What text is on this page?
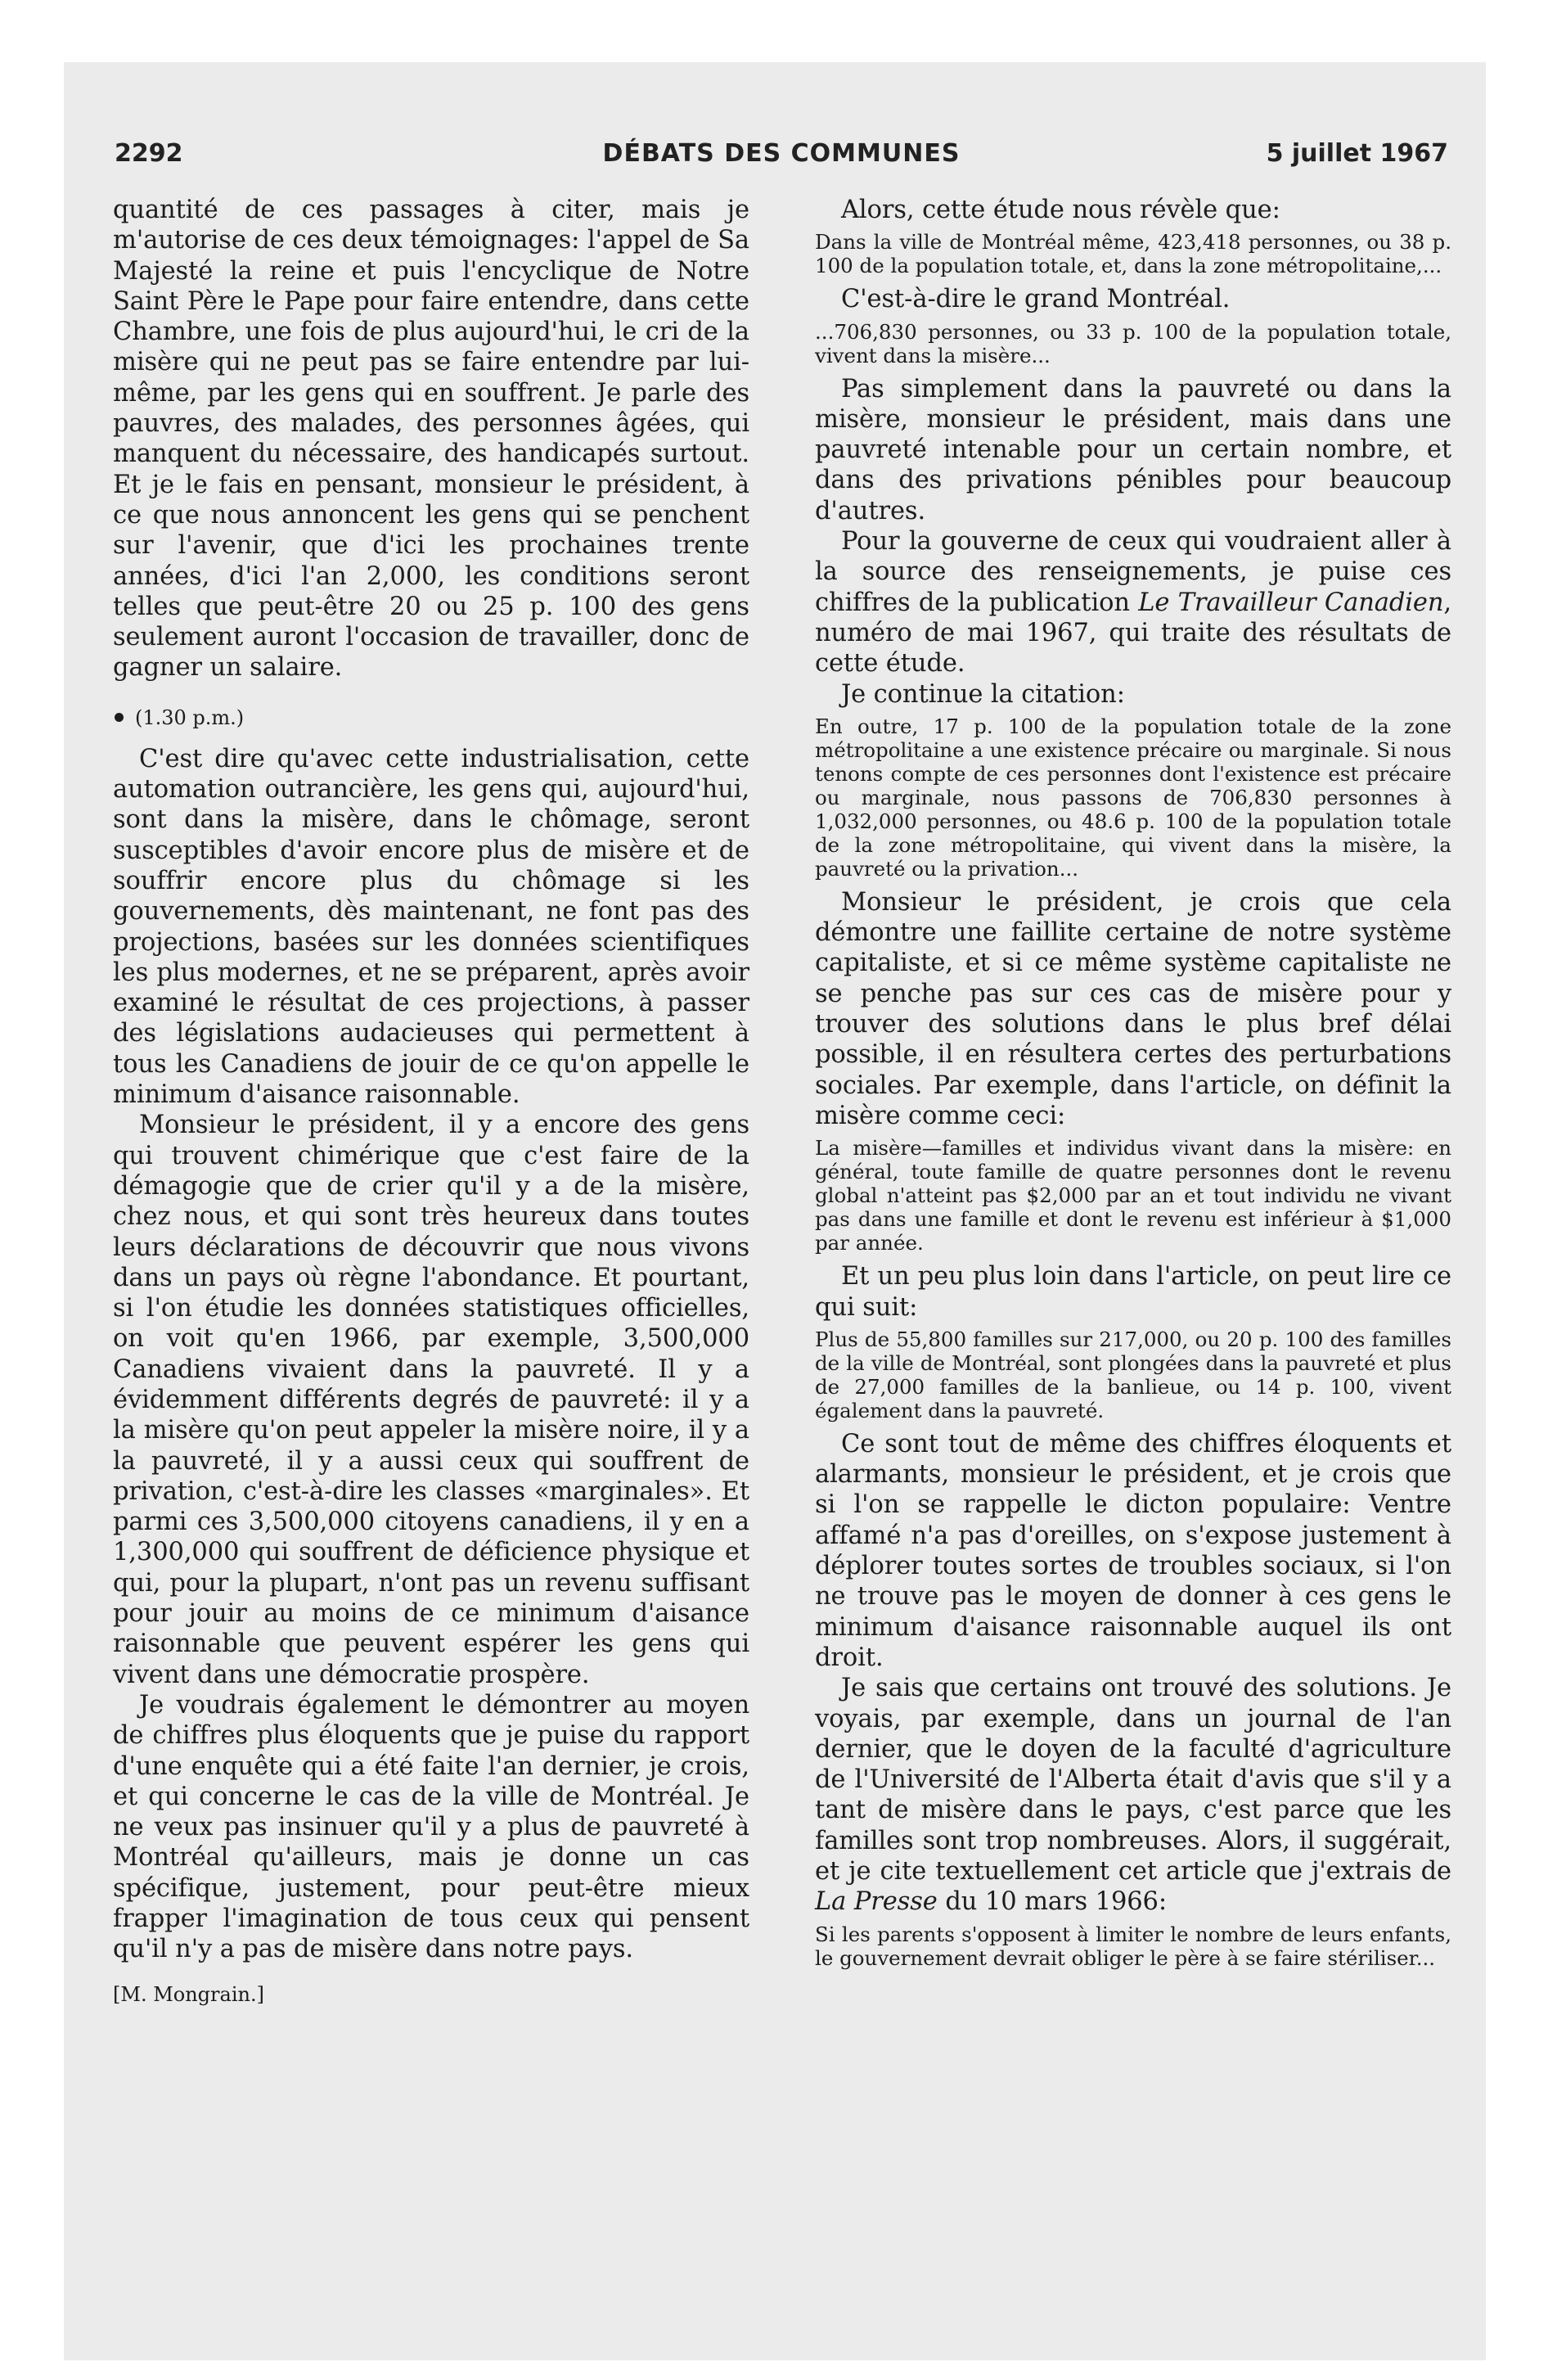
DÉBATS DES COMMUNES
2292	5 juillet 1967

quantité de ces passages à citer, mais je m'autorise de ces deux témoignages: l'appel de Sa Majesté la reine et puis l'encyclique de Notre Saint Père le Pape pour faire entendre, dans cette Chambre, une fois de plus aujourd'hui, le cri de la misère qui ne peut pas se faire entendre par lui-même, par les gens qui en souffrent. Je parle des pauvres, des malades, des personnes âgées, qui manquent du nécessaire, des handicapés surtout. Et je le fais en pensant, monsieur le président, à ce que nous annoncent les gens qui se penchent sur l'avenir, que d'ici les prochaines trente années, d'ici l'an 2,000, les conditions seront telles que peut-être 20 ou 25 p. 100 des gens seulement auront l'occasion de travailler, donc de gagner un salaire.

(1.30 p.m.)

C'est dire qu'avec cette industrialisation, cette automation outrancière, les gens qui, aujourd'hui, sont dans la misère, dans le chômage, seront susceptibles d'avoir encore plus de misère et de souffrir encore plus du chômage si les gouvernements, dès maintenant, ne font pas des projections, basées sur les données scientifiques les plus modernes, et ne se préparent, après avoir examiné le résultat de ces projections, à passer des législations audacieuses qui permettent à tous les Canadiens de jouir de ce qu'on appelle le minimum d'aisance raisonnable.

Monsieur le président, il y a encore des gens qui trouvent chimérique que c'est faire de la démagogie que de crier qu'il y a de la misère, chez nous, et qui sont très heureux dans toutes leurs déclarations de découvrir que nous vivons dans un pays où règne l'abondance. Et pourtant, si l'on étudie les données statistiques officielles, on voit qu'en 1966, par exemple, 3,500,000 Canadiens vivaient dans la pauvreté. Il y a évidemment différents degrés de pauvreté: il y a la misère qu'on peut appeler la misère noire, il y a la pauvreté, il y a aussi ceux qui souffrent de privation, c'est-à-dire les classes «marginales». Et parmi ces 3,500,000 citoyens canadiens, il y en a 1,300,000 qui souffrent de déficience physique et qui, pour la plupart, n'ont pas un revenu suffisant pour jouir au moins de ce minimum d'aisance raisonnable que peuvent espérer les gens qui vivent dans une démocratie prospère.

Je voudrais également le démontrer au moyen de chiffres plus éloquents que je puise du rapport d'une enquête qui a été faite l'an dernier, je crois, et qui concerne le cas de la ville de Montréal. Je ne veux pas insinuer qu'il y a plus de pauvreté à Montréal qu'ailleurs, mais je donne un cas spécifique, justement, pour peut-être mieux frapper l'imagination de tous ceux qui pensent qu'il n'y a pas de misère dans notre pays.

[M. Mongrain.]

Alors, cette étude nous révèle que:

Dans la ville de Montréal même, 423,418 personnes, ou 38 p. 100 de la population totale, et, dans la zone métropolitaine,...

C'est-à-dire le grand Montréal.

...706,830 personnes, ou 33 p. 100 de la population totale, vivent dans la misère...

Pas simplement dans la pauvreté ou dans la misère, monsieur le président, mais dans une pauvreté intenable pour un certain nombre, et dans des privations pénibles pour beaucoup d'autres.

Pour la gouverne de ceux qui voudraient aller à la source des renseignements, je puise ces chiffres de la publication Le Travailleur Canadien, numéro de mai 1967, qui traite des résultats de cette étude.

Je continue la citation:

En outre, 17 p. 100 de la population totale de la zone métropolitaine a une existence précaire ou marginale. Si nous tenons compte de ces personnes dont l'existence est précaire ou marginale, nous passons de 706,830 personnes à 1,032,000 personnes, ou 48.6 p. 100 de la population totale de la zone métropolitaine, qui vivent dans la misère, la pauvreté ou la privation...

Monsieur le président, je crois que cela démontre une faillite certaine de notre système capitaliste, et si ce même système capitaliste ne se penche pas sur ces cas de misère pour y trouver des solutions dans le plus bref délai possible, il en résultera certes des perturbations sociales. Par exemple, dans l'article, on définit la misère comme ceci:

La misère—familles et individus vivant dans la misère: en général, toute famille de quatre personnes dont le revenu global n'atteint pas $2,000 par an et tout individu ne vivant pas dans une famille et dont le revenu est inférieur à $1,000 par année.

Et un peu plus loin dans l'article, on peut lire ce qui suit:

Plus de 55,800 familles sur 217,000, ou 20 p. 100 des familles de la ville de Montréal, sont plongées dans la pauvreté et plus de 27,000 familles de la banlieue, ou 14 p. 100, vivent également dans la pauvreté.

Ce sont tout de même des chiffres éloquents et alarmants, monsieur le président, et je crois que si l'on se rappelle le dicton populaire: Ventre affamé n'a pas d'oreilles, on s'expose justement à déplorer toutes sortes de troubles sociaux, si l'on ne trouve pas le moyen de donner à ces gens le minimum d'aisance raisonnable auquel ils ont droit.

Je sais que certains ont trouvé des solutions. Je voyais, par exemple, dans un journal de l'an dernier, que le doyen de la faculté d'agriculture de l'Université de l'Alberta était d'avis que s'il y a tant de misère dans le pays, c'est parce que les familles sont trop nombreuses. Alors, il suggérait, et je cite textuellement cet article que j'extrais de La Presse du 10 mars 1966:

Si les parents s'opposent à limiter le nombre de leurs enfants, le gouvernement devrait obliger le père à se faire stériliser...
